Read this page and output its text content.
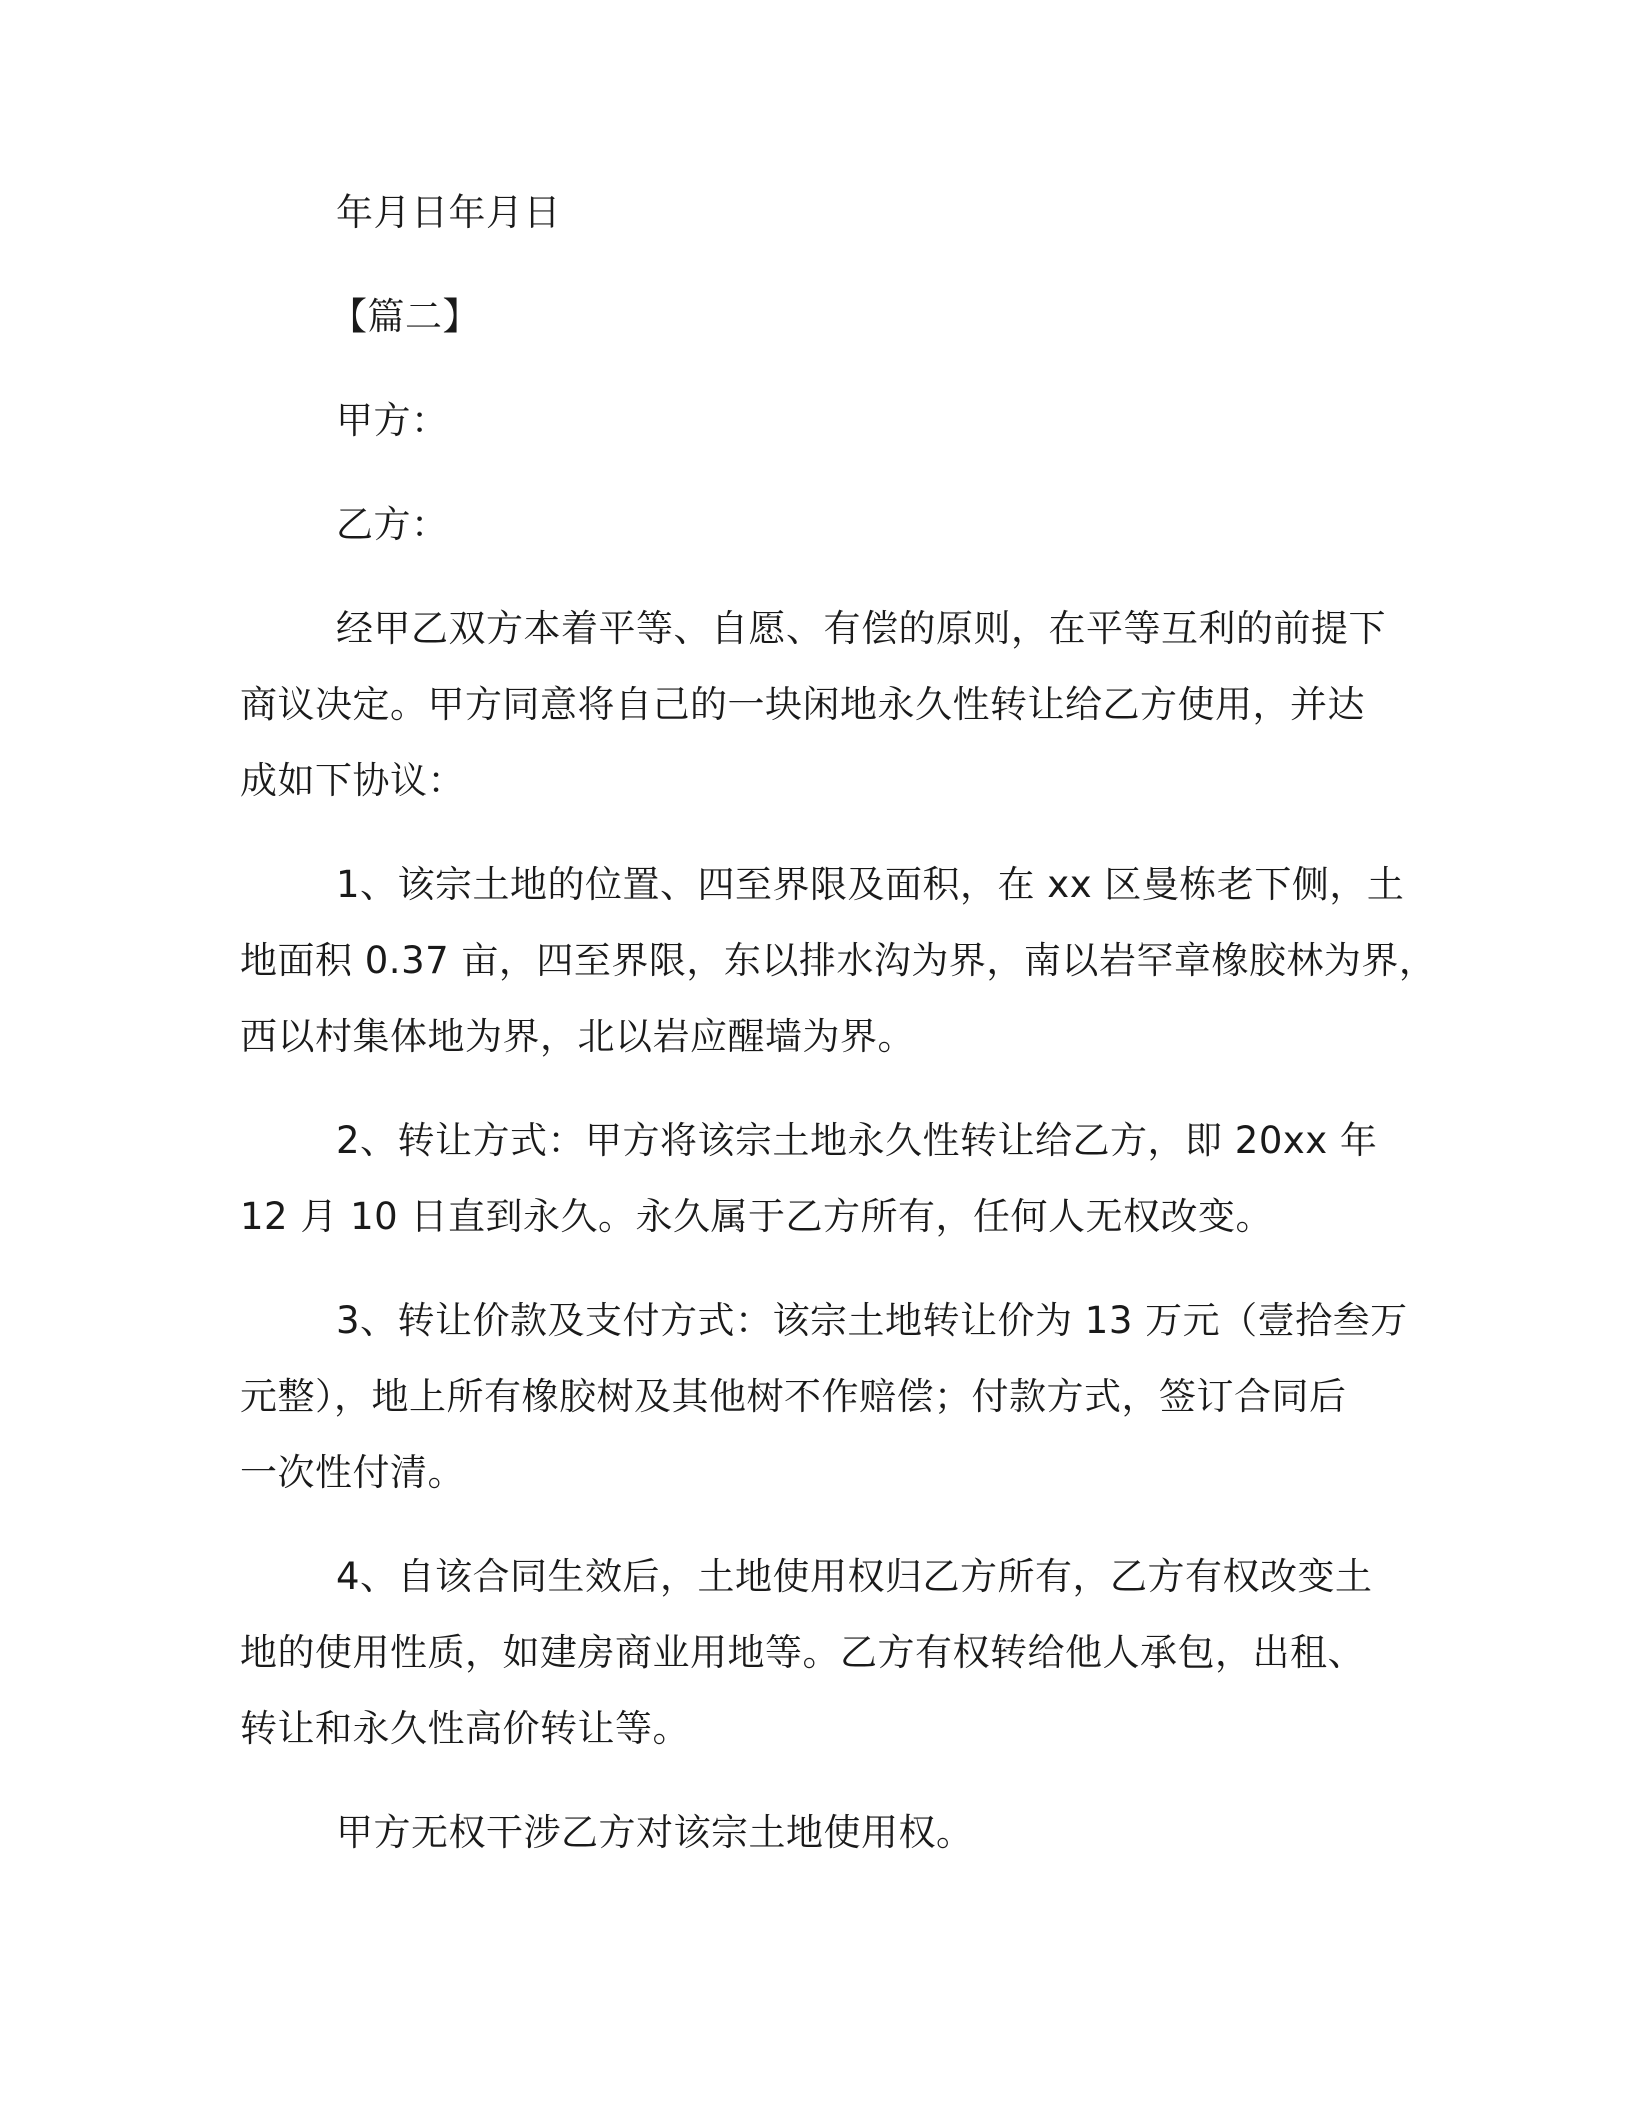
年月日年月日
【篇二】
甲方：
乙方：
经甲乙双方本着平等、自愿、有偿的原则，在平等互利的前提下
商议决定。甲方同意将自己的一块闲地永久性转让给乙方使用，并达
成如下协议：
1、该宗土地的位置、四至界限及面积，在 xx 区曼栋老下侧，土
地面积 0.37 亩，四至界限，东以排水沟为界，南以岩罕章橡胶林为界，
西以村集体地为界，北以岩应醒墙为界。
2、转让方式：甲方将该宗土地永久性转让给乙方，即 20xx 年
12 月 10 日直到永久。永久属于乙方所有，任何人无权改变。
3、转让价款及支付方式：该宗土地转让价为 13 万元（壹拾叁万
元整），地上所有橡胶树及其他树不作赔偿；付款方式，签订合同后
一次性付清。
4、自该合同生效后，土地使用权归乙方所有，乙方有权改变土
地的使用性质，如建房商业用地等。乙方有权转给他人承包，出租、
转让和永久性高价转让等。
甲方无权干涉乙方对该宗土地使用权。
